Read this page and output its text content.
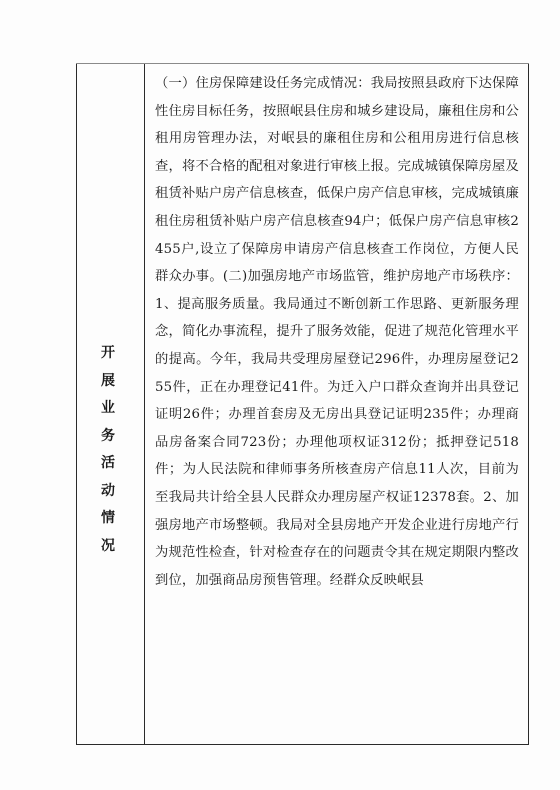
开展业务活动情况
（一）住房保障建设任务完成情况：我局按照县政府下达保障性住房目标任务，按照岷县住房和城乡建设局，廉租住房和公租用房管理办法，对岷县的廉租住房和公租用房进行信息核查，将不合格的配租对象进行审核上报。完成城镇保障房屋及租赁补贴户房产信息核查，低保户房产信息审核，完成城镇廉租住房租赁补贴户房产信息核查94户；低保户房产信息审核2455户,设立了保障房申请房产信息核查工作岗位，方便人民群众办事。(二)加强房地产市场监管，维护房地产市场秩序：1、提高服务质量。我局通过不断创新工作思路、更新服务理念，简化办事流程，提升了服务效能，促进了规范化管理水平的提高。今年，我局共受理房屋登记296件，办理房屋登记255件，正在办理登记41件。为迁入户口群众查询并出具登记证明26件；办理首套房及无房出具登记证明235件；办理商品房备案合同723份；办理他项权证312份；抵押登记518件；为人民法院和律师事务所核查房产信息11人次，目前为至我局共计给全县人民群众办理房屋产权证12378套。2、加强房地产市场整顿。我局对全县房地产开发企业进行房地产行为规范性检查，针对检查存在的问题责令其在规定期限内整改到位，加强商品房预售管理。经群众反映岷县
